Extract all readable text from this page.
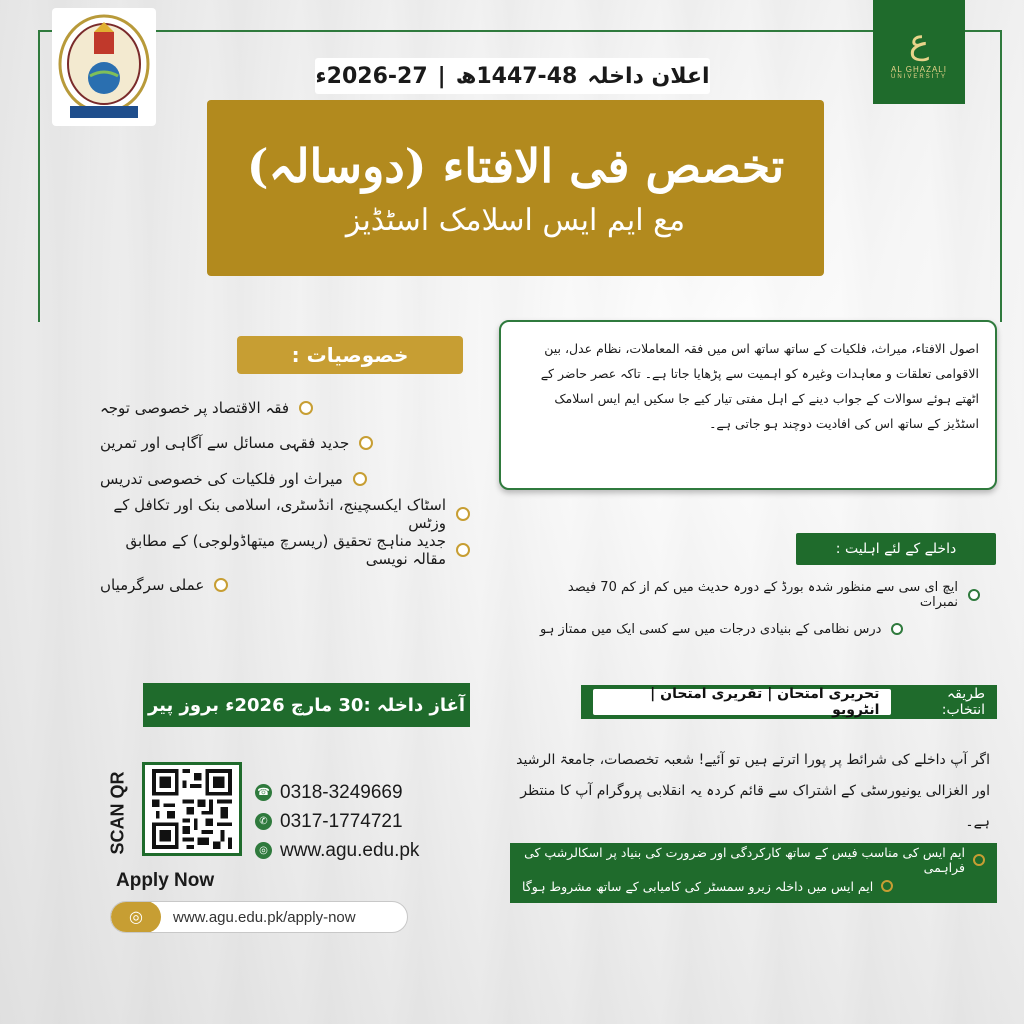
ﻉ
AL GHAZALI
UNIVERSITY
اعلان داخلہ
1447-48ھ
|
2026-27ء
تخصص فی الافتاء (دوسالہ)
مع ایم ایس اسلامک اسٹڈیز
اصول الافتاء، میراث، فلکیات کے ساتھ ساتھ اس میں فقہ المعاملات، نظام عدل، بین الاقوامی تعلقات و معاہدات وغیرہ کو اہمیت سے پڑھایا جاتا ہے۔ تاکہ عصر حاضر کے اٹھتے ہوئے سوالات کے جواب دینے کے اہل مفتی تیار کیے جا سکیں ایم ایس اسلامک اسٹڈیز کے ساتھ اس کی افادیت دوچند ہو جاتی ہے۔
خصوصیات :
فقہ الاقتصاد پر خصوصی توجہ
جدید فقہی مسائل سے آگاہی اور تمرین
میراث اور فلکیات کی خصوصی تدریس
اسٹاک ایکسچینج، انڈسٹری، اسلامی بنک اور تکافل کے وزٹس
جدید مناہج تحقیق (ریسرچ میتھاڈولوجی) کے مطابق مقالہ نویسی
عملی سرگرمیاں
آغاز داخلہ :30 مارچ 2026ء بروز پیر
داخلے کے لئے اہلیت :
ایچ ای سی سے منظور شدہ بورڈ کے دورہ حدیث میں کم از کم 70 فیصد نمبرات
درس نظامی کے بنیادی درجات میں سے کسی ایک میں ممتاز ہو
طریقہ انتخاب:
تحریری امتحان | تقریری امتحان | انٹرویو
اگر آپ داخلے کی شرائط پر پورا اترتے ہیں تو آئیے! شعبہ تخصصات، جامعۃ الرشید اور الغزالی یونیورسٹی کے اشتراک سے قائم کردہ یہ انقلابی پروگرام آپ کا منتظر ہے۔
ایم ایس کی مناسب فیس کے ساتھ کارکردگی اور ضرورت کی بنیاد پر اسکالرشپ کی فراہمی
ایم ایس میں داخلہ زیرو سمسٹر کی کامیابی کے ساتھ مشروط ہوگا
SCAN QR	☎ 0318-3249669
✆ 0317-1774721
◎ www.agu.edu.pk
Apply Now
◎	www.agu.edu.pk/apply-now
